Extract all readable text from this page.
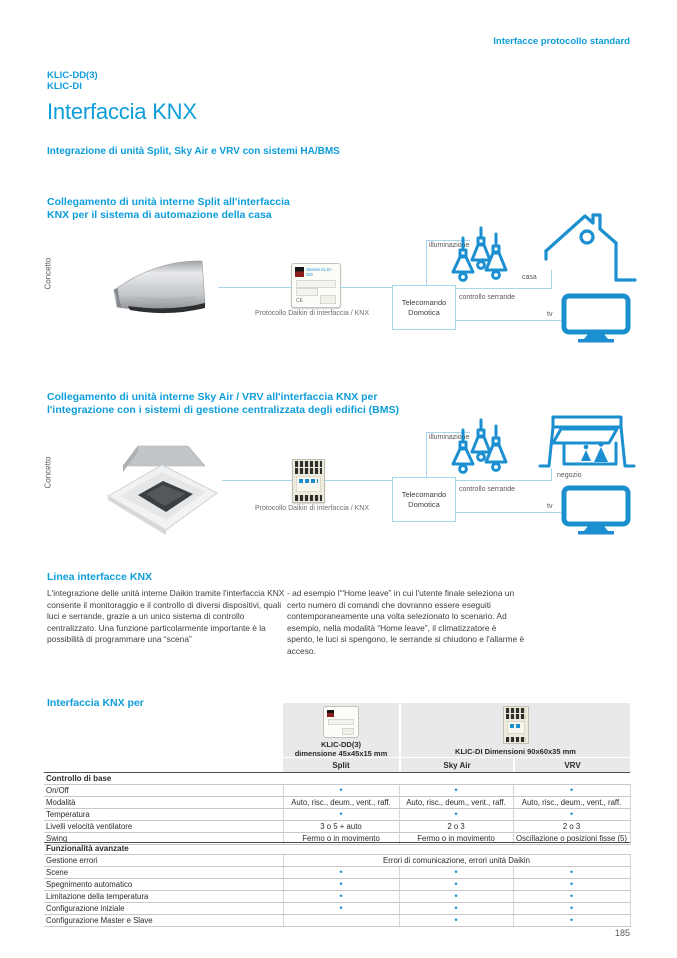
Interfacce protocollo standard
KLIC-DD(3)
KLIC-DI
Interfaccia KNX
Integrazione di unità Split, Sky Air e VRV con sistemi HA/BMS
Collegamento di unità interne Split all'interfaccia
KNX per il sistema di automazione della casa
Concetto	Zennio KLIC-DD
CE
Protocollo Daikin di interfaccia / KNX
Telecomando
Domotica
illuminazione
casa
controllo serrande
tv
Collegamento di unità interne Sky Air / VRV all'interfaccia KNX per
l'integrazione con i sistemi di gestione centralizzata degli edifici (BMS)
Concetto
Protocollo Daikin di interfaccia / KNX
Telecomando
Domotica
illuminazione
negozio
controllo serrande
tv
Linea interfacce KNX
L'integrazione delle unità interne Daikin tramite l'interfaccia KNX consente il monitoraggio e il controllo di diversi dispositivi, quali luci e serrande, grazie a un unico sistema di controllo centralizzato. Una funzione particolarmente importante è la possibilità di programmare una “scena”
- ad esempio l'“Home leave” in cui l'utente finale seleziona un certo numero di comandi che dovranno essere eseguiti contemporaneamente una volta selezionato lo scenario. Ad esempio, nella modalità “Home leave”, il climatizzatore è spento, le luci si spengono, le serrande si chiudono e l'allarme è acceso.
Interfaccia KNX per
KLIC-DD(3)
dimensione 45x45x15 mm	KLIC-DI Dimensioni 90x60x35 mm
Split	Sky Air	VRV
Controllo di base			
On/Off	•	•	•
Modalità	Auto, risc., deum., vent., raff.	Auto, risc., deum., vent., raff.	Auto, risc., deum., vent., raff.
Temperatura	•	•	•
Livelli velocità ventilatore	3 o 5 + auto	2 o 3	2 o 3
Swing	Fermo o in movimento	Fermo o in movimento	Oscillazione o posizioni fisse (5)
Funzionalità avanzate			
Gestione errori	Errori di comunicazione, errori unità Daikin		
Scene	•	•	•
Spegnimento automatico	•	•	•
Limitazione della temperatura	•	•	•
Configurazione iniziale	•	•	•
Configurazione Master e Slave		•	•
185
